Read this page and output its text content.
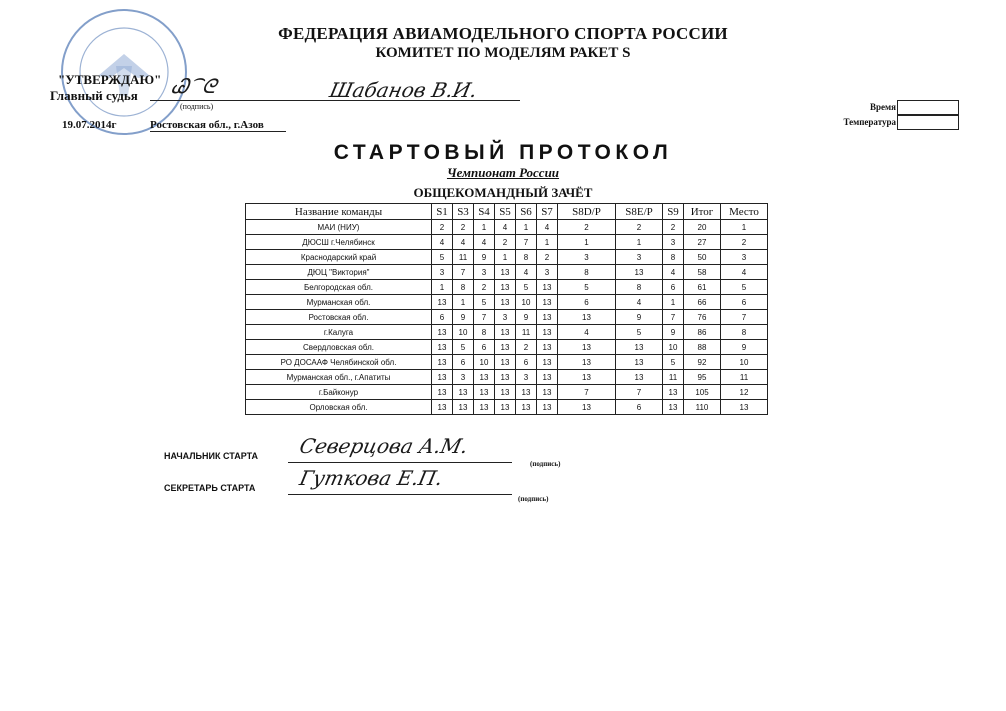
ФЕДЕРАЦИЯ АВИАМОДЕЛЬНОГО СПОРТА РОССИИ
КОМИТЕТ ПО МОДЕЛЯМ РАКЕТ S
"УТВЕРЖДАЮ"
Главный судья Ꮚ⁀ᘓ	Шабанов В.И.
(подпись)
19.07.2014г	Ростовская обл., г.Азов
Время
Температура
СТАРТОВЫЙ ПРОТОКОЛ
Чемпионат России
ОБЩЕКОМАНДНЫЙ ЗАЧЁТ
Название команды	S1	S3	S4	S5	S6	S7	S8D/P	S8E/P	S9	Итог	Место
МАИ (НИУ)	2	2	1	4	1	4	2	2	2	20	1
ДЮСШ г.Челябинск	4	4	4	2	7	1	1	1	3	27	2
Краснодарский край	5	11	9	1	8	2	3	3	8	50	3
ДЮЦ "Виктория"	3	7	3	13	4	3	8	13	4	58	4
Белгородская обл.	1	8	2	13	5	13	5	8	6	61	5
Мурманская обл.	13	1	5	13	10	13	6	4	1	66	6
Ростовская обл.	6	9	7	3	9	13	13	9	7	76	7
г.Калуга	13	10	8	13	11	13	4	5	9	86	8
Свердловская обл.	13	5	6	13	2	13	13	13	10	88	9
РО ДОСААФ Челябинской обл.	13	6	10	13	6	13	13	13	5	92	10
Мурманская обл., г.Апатиты	13	3	13	13	3	13	13	13	11	95	11
г.Байконур	13	13	13	13	13	13	7	7	13	105	12
Орловская обл.	13	13	13	13	13	13	13	6	13	110	13
НАЧАЛЬНИК СТАРТА Северцова А.М.
(подпись)
СЕКРЕТАРЬ СТАРТА Гуткова Е.П.
(подпись)
